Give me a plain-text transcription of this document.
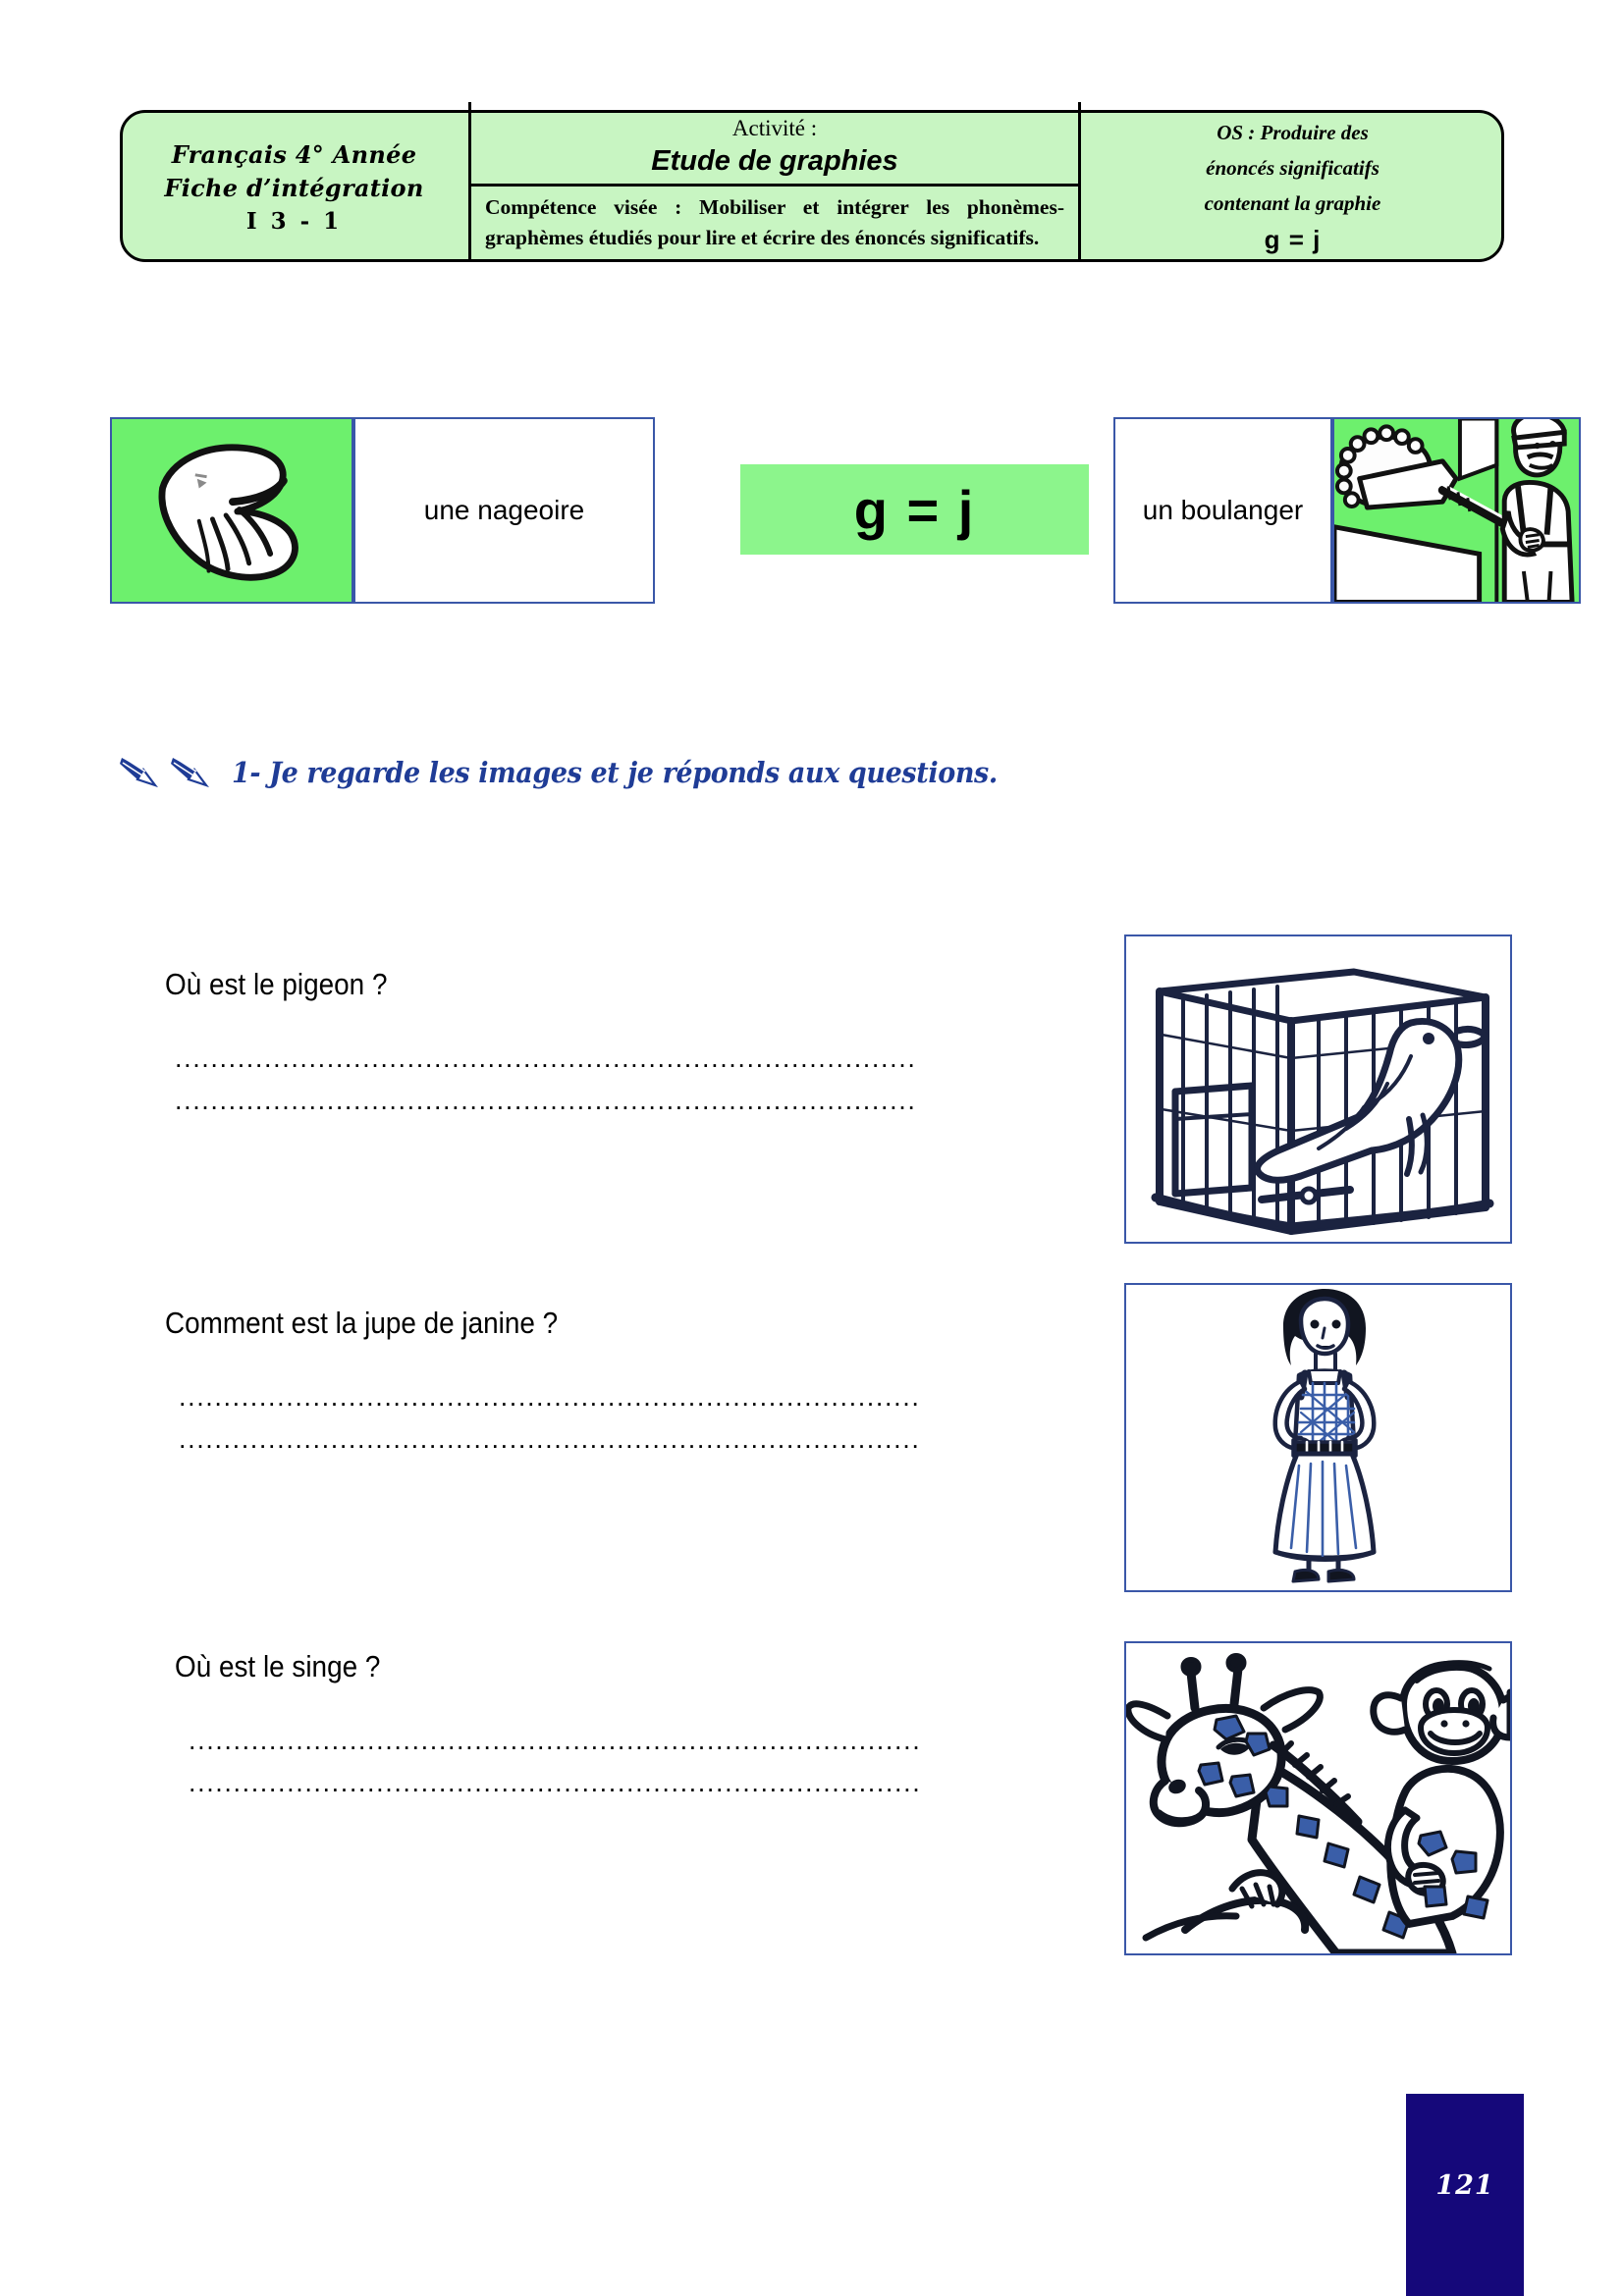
Français 4° Année
Fiche d’intégration
I 3 - 1
Activité :
Etude de graphies
Compétence visée : Mobiliser et intégrer les phonèmes-graphèmes étudiés pour lire et écrire des énoncés significatifs.
OS : Produire des
énoncés significatifs
contenant la graphie
g = j
une nageoire	g = j	un boulanger
1- Je regarde les images et je réponds aux questions.
Où est le pigeon ?
...................................................................................
...................................................................................
Comment est la jupe de janine ?
...................................................................................
...................................................................................
Où est le singe ?
..................................................................................
..................................................................................
121
